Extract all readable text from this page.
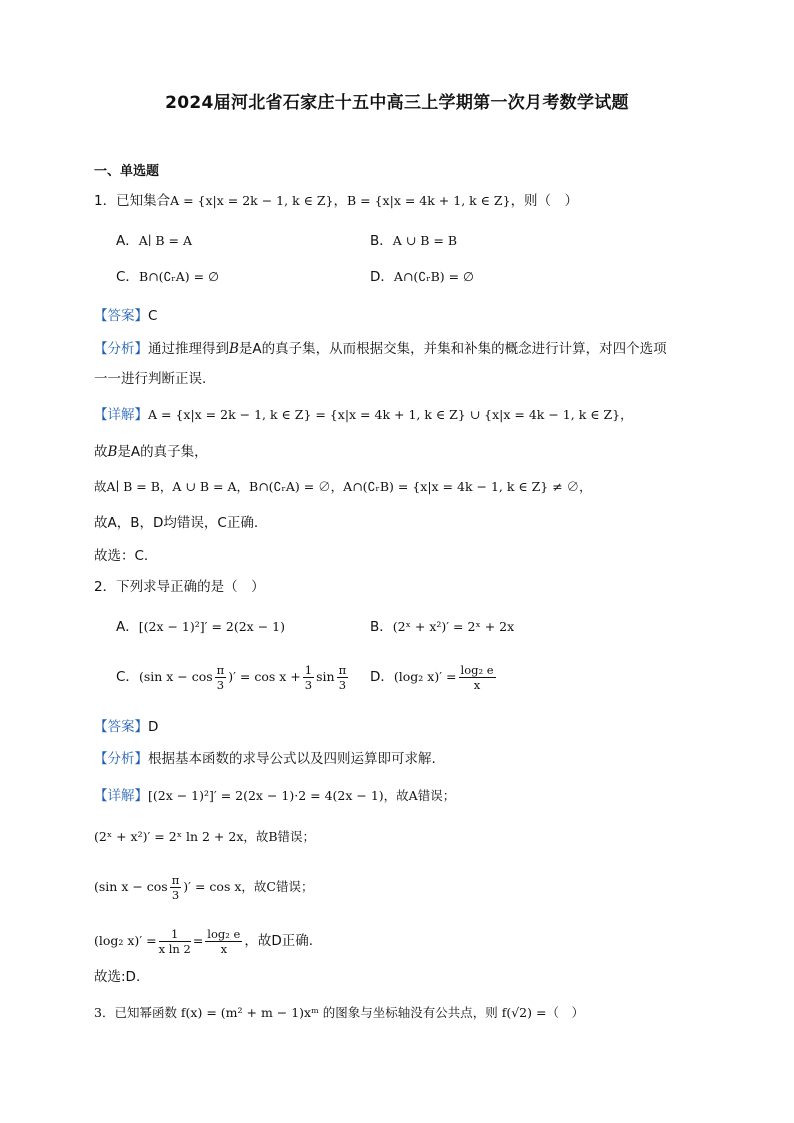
2024届河北省石家庄十五中高三上学期第一次月考数学试题
一、单选题
1．已知集合A = {x|x = 2k − 1, k ∈ Z}，B = {x|x = 4k + 1, k ∈ Z}，则（　）
A．A∣ B = A	B．A ∪ B = B
C．B∩(∁ᵣA) = ∅	D．A∩(∁ᵣB) = ∅
【答案】C
【分析】通过推理得到B是A的真子集，从而根据交集，并集和补集的概念进行计算，对四个选项
一一进行判断正误.
【详解】A = {x|x = 2k − 1, k ∈ Z} = {x|x = 4k + 1, k ∈ Z} ∪ {x|x = 4k − 1, k ∈ Z}，
故B是A的真子集，
故A∣ B = B，A ∪ B = A，B∩(∁ᵣA) = ∅，A∩(∁ᵣB) = {x|x = 4k − 1, k ∈ Z} ≠ ∅，
故A，B，D均错误，C正确.
故选：C.
2．下列求导正确的是（　）
A．[(2x − 1)²]′ = 2(2x − 1)	B．(2ˣ + x²)′ = 2ˣ + 2x
C．(sin $x - \cos \frac{\pi}{3}$ )′ = $\cos x + \frac{1}{3}$ $\sin \frac{\pi}{3}$ D．(log₂ $x)' = \frac{\text{log₂ e}}{x}$
【答案】D
【分析】根据基本函数的求导公式以及四则运算即可求解.
【详解】[(2x − 1)²]′ = 2(2x − 1)·2 = 4(2x − 1)，故A错误；
(2ˣ + x²)′ = 2ˣ ln 2 + 2x，故B错误；
(sin $x - \cos \frac{\pi}{3}$ )′ = cos x，故C错误；
(log₂ $x)' = \frac{1}{\text{x ln 2}} = \frac{\text{log₂ e}}{x}$ ，故D正确.
故选:D.
3．已知幂函数 f(x) = (m² + m − 1)xᵐ 的图象与坐标轴没有公共点，则 f(√2) =（　）
